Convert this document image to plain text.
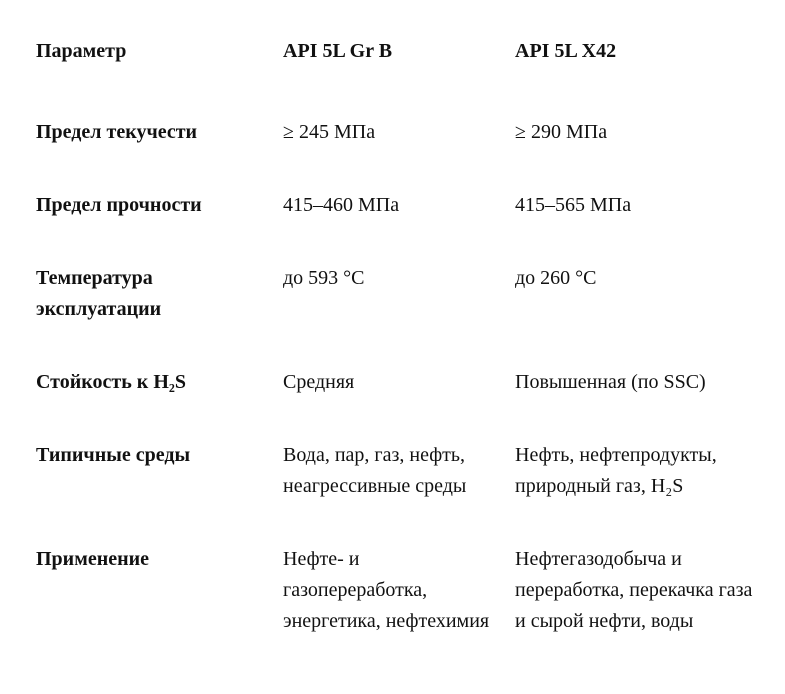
Параметр	API 5L Gr B	API 5L X42
Предел текучести	≥ 245 МПа	≥ 290 МПа
Предел прочности	415–460 МПа	415–565 МПа
Температура эксплуатации	до 593 °C	до 260 °C
Стойкость к H₂S	Средняя	Повышенная (по SSC)
Типичные среды	Вода, пар, газ, нефть, неагрессивные среды	Нефть, нефтепродукты, природный газ, H₂S
Применение	Нефте- и газопереработка, энергетика, нефтехимия	Нефтегазодобыча и переработка, перекачка газа и сырой нефти, воды
